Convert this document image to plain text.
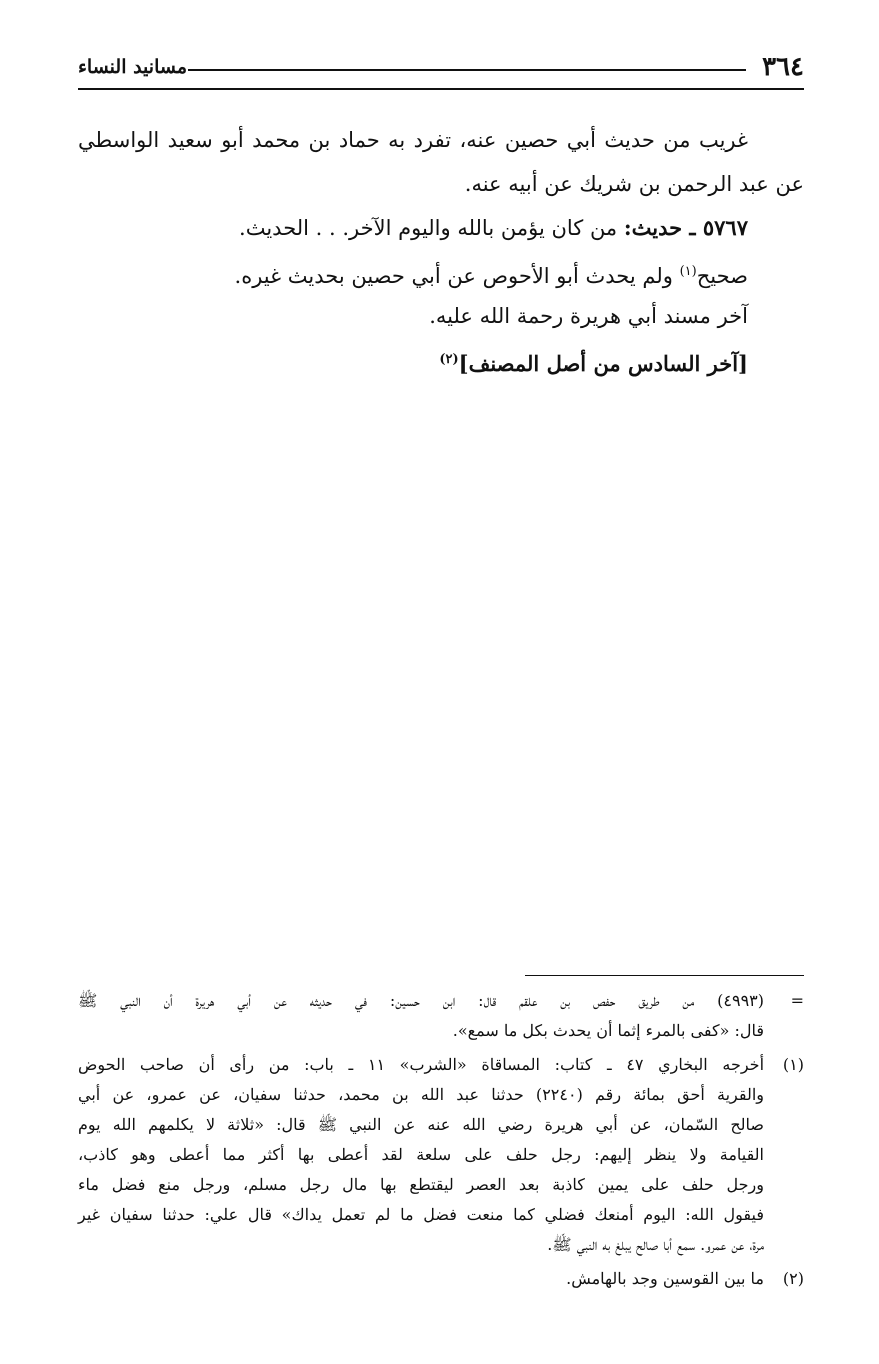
٣٦٤
مسانيد النساء
غريب من حديث أبي حصين عنه، تفرد به حماد بن محمد أبو سعيد الواسطي
عن عبد الرحمن بن شريك عن أبيه عنه.
٥٧٦٧ ـ حديث: من كان يؤمن بالله واليوم الآخر. . . الحديث.
صحيح$^{(١)}$ ولم يحدث أبو الأحوص عن أبي حصين بحديث غيره.
آخر مسند أبي هريرة رحمة الله عليه.
[آخر السادس من أصل المصنف]$^{(٢)}$
=
(٤٩٩٣) من طريق حفص بن علقم قال: ابن حسين: في حديثه عن أبي هريرة أن النبي ﷺ
قال: «كفى بالمرء إثما أن يحدث بكل ما سمع».
(١)
أخرجه البخاري ٤٧ ـ كتاب: المساقاة «الشرب» ١١ ـ باب: من رأى أن صاحب الحوض
والقرية أحق بمائة رقم (٢٢٤٠) حدثنا عبد الله بن محمد، حدثنا سفيان، عن عمرو، عن أبي
صالح السّمان، عن أبي هريرة رضي الله عنه عن النبي ﷺ قال: «ثلاثة لا يكلمهم الله يوم
القيامة ولا ينظر إليهم: رجل حلف على سلعة لقد أعطى بها أكثر مما أعطى وهو كاذب،
ورجل حلف على يمين كاذبة بعد العصر ليقتطع بها مال رجل مسلم، ورجل منع فضل ماء
فيقول الله: اليوم أمنعك فضلي كما منعت فضل ما لم تعمل يداك» قال علي: حدثنا سفيان غير
مرة، عن عمرو. سمع أبا صالح يبلغ به النبي ﷺ.
(٢)
ما بين القوسين وجد بالهامش.
